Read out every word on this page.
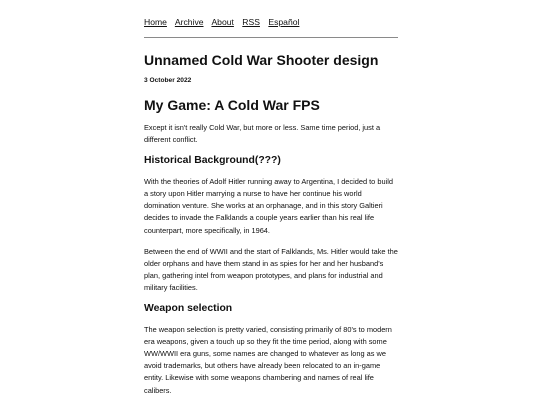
Home Archive About RSS Español
Unnamed Cold War Shooter design
3 October 2022
My Game: A Cold War FPS

Except it isn't really Cold War, but more or less. Same time period, just a different conflict.

Historical Background(???)

With the theories of Adolf Hitler running away to Argentina, I decided to build a story upon Hitler marrying a nurse to have her continue his world domination venture. She works at an orphanage, and in this story Galtieri decides to invade the Falklands a couple years earlier than his real life counterpart, more specifically, in 1964.

Between the end of WWII and the start of Falklands, Ms. Hitler would take the older orphans and have them stand in as spies for her and her husband's plan, gathering intel from weapon prototypes, and plans for industrial and military facilities.

Weapon selection

The weapon selection is pretty varied, consisting primarily of 80's to modern era weapons, given a touch up so they fit the time period, along with some WW/WWII era guns, some names are changed to whatever as long as we avoid trademarks, but others have already been relocated to an in-game entity. Likewise with some weapons chambering and names of real life calibers.
